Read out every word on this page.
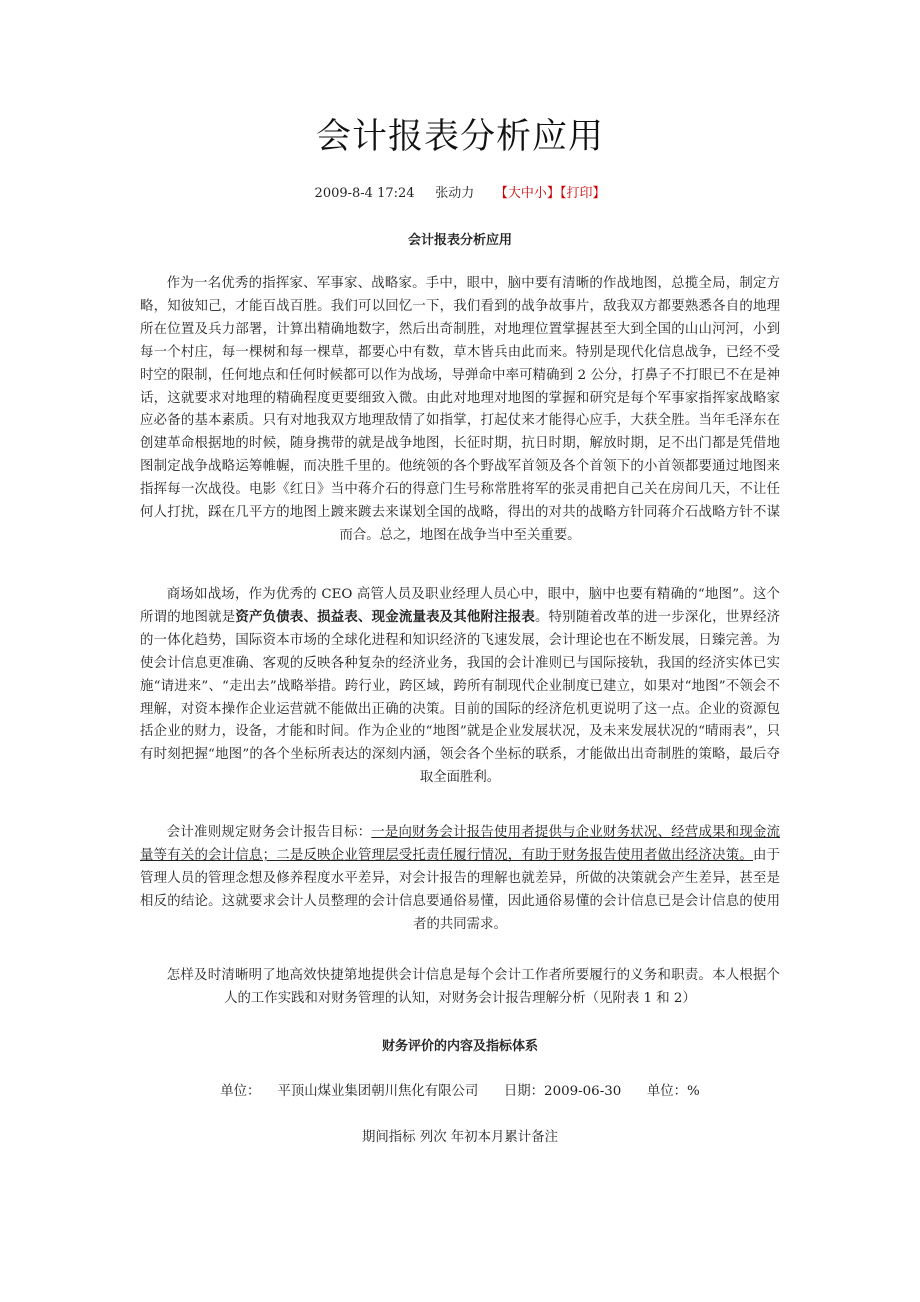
会计报表分析应用
2009-8-4 17:24 张动力 【大中小】【打印】
会计报表分析应用
作为一名优秀的指挥家、军事家、战略家。手中，眼中，脑中要有清晰的作战地图，总揽全局，制定方略，知彼知己，才能百战百胜。我们可以回忆一下，我们看到的战争故事片，敌我双方都要熟悉各自的地理所在位置及兵力部署，计算出精确地数字，然后出奇制胜，对地理位置掌握甚至大到全国的山山河河，小到每一个村庄，每一棵树和每一棵草，都要心中有数，草木皆兵由此而来。特别是现代化信息战争，已经不受时空的限制，任何地点和任何时候都可以作为战场，导弹命中率可精确到 2 公分，打鼻子不打眼已不在是神话，这就要求对地理的精确程度更要细致入微。由此对地理对地图的掌握和研究是每个军事家指挥家战略家应必备的基本素质。只有对地我双方地理敌情了如指掌，打起仗来才能得心应手，大获全胜。当年毛泽东在创建革命根据地的时候，随身携带的就是战争地图，长征时期，抗日时期，解放时期，足不出门都是凭借地图制定战争战略运筹帷幄，而决胜千里的。他统领的各个野战军首领及各个首领下的小首领都要通过地图来指挥每一次战役。电影《红日》当中蒋介石的得意门生号称常胜将军的张灵甫把自己关在房间几天，不让任何人打扰，踩在几平方的地图上踱来踱去来谋划全国的战略，得出的对共的战略方针同蒋介石战略方针不谋而合。总之，地图在战争当中至关重要。
商场如战场，作为优秀的 CEO 高管人员及职业经理人员心中，眼中，脑中也要有精确的“地图”。这个所谓的地图就是资产负债表、损益表、现金流量表及其他附注报表。特别随着改革的进一步深化，世界经济的一体化趋势，国际资本市场的全球化进程和知识经济的飞速发展，会计理论也在不断发展，日臻完善。为使会计信息更准确、客观的反映各种复杂的经济业务，我国的会计准则已与国际接轨，我国的经济实体已实施“请进来”、“走出去”战略举措。跨行业，跨区域，跨所有制现代企业制度已建立，如果对“地图”不领会不理解，对资本操作企业运营就不能做出正确的决策。目前的国际的经济危机更说明了这一点。企业的资源包括企业的财力，设备，才能和时间。作为企业的“地图”就是企业发展状况，及未来发展状况的“晴雨表”，只有时刻把握“地图”的各个坐标所表达的深刻内涵，领会各个坐标的联系，才能做出出奇制胜的策略，最后夺取全面胜利。
会计准则规定财务会计报告目标：一是向财务会计报告使用者提供与企业财务状况、经营成果和现金流量等有关的会计信息；二是反映企业管理层受托责任履行情况，有助于财务报告使用者做出经济决策。由于管理人员的管理念想及修养程度水平差异，对会计报告的理解也就差异，所做的决策就会产生差异，甚至是相反的结论。这就要求会计人员整理的会计信息要通俗易懂，因此通俗易懂的会计信息已是会计信息的使用者的共同需求。
怎样及时清晰明了地高效快捷第地提供会计信息是每个会计工作者所要履行的义务和职责。本人根据个人的工作实践和对财务管理的认知，对财务会计报告理解分析（见附表 1 和 2）
财务评价的内容及指标体系
单位： 平顶山煤业集团朝川焦化有限公司 日期：2009-06-30 单位：%
期间指标 列次 年初本月累计备注
